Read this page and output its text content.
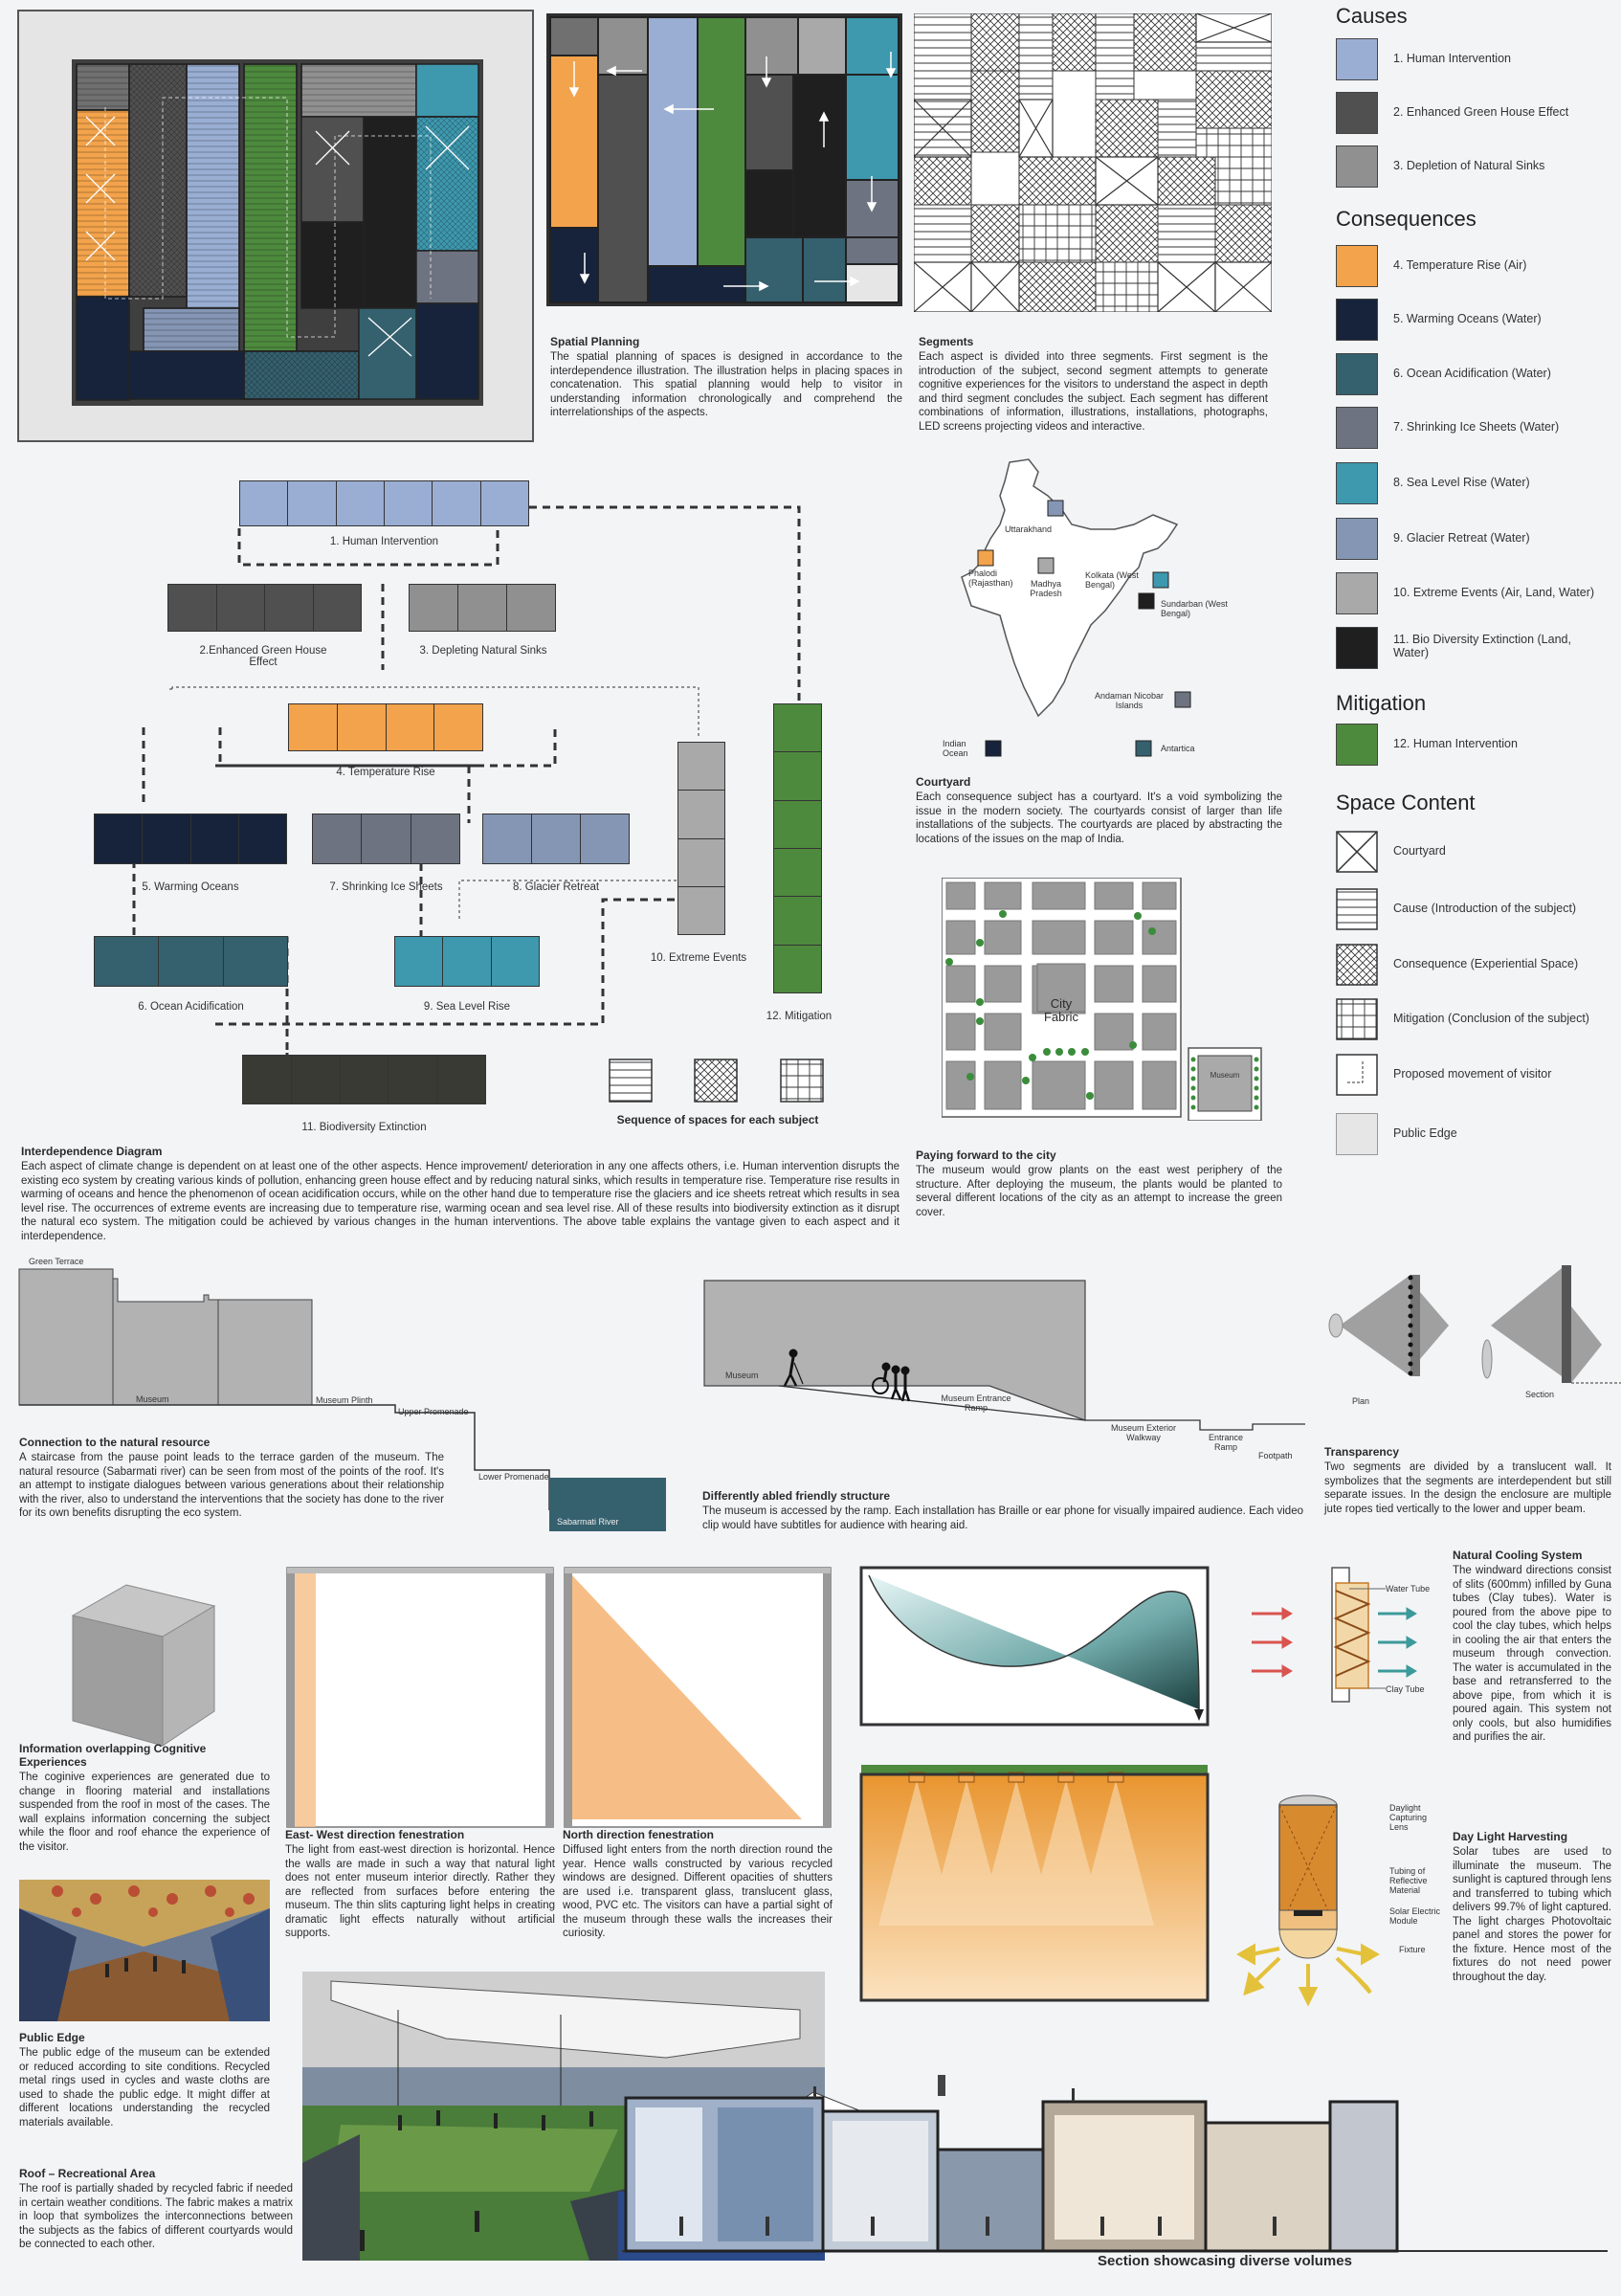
Spatial Planning

The spatial planning of spaces is designed in accordance to the interdependence illustration. The illustration helps in placing spaces in concatenation. This spatial planning would help to visitor in understanding information chronologically and comprehend the interrelationships of the aspects.

Segments

Each aspect is divided into three segments. First segment is the introduction of the subject, second segment attempts to generate cognitive experiences for the visitors to understand the aspect in depth and third segment concludes the subject. Each segment has different combinations of information, illustrations, installations, photographs, LED screens projecting videos and interactive.

Causes
1. Human Intervention
2. Enhanced Green House Effect
3. Depletion of Natural Sinks
Consequences
4. Temperature Rise (Air)
5. Warming Oceans (Water)
6. Ocean Acidification (Water)
7. Shrinking Ice Sheets (Water)
8. Sea Level Rise (Water)
9. Glacier Retreat (Water)
10. Extreme Events (Air, Land, Water)
11. Bio Diversity Extinction (Land, Water)
Mitigation
12. Human Intervention
Space Content
Courtyard
Cause (Introduction of the subject)
Consequence (Experiential Space)
Mitigation (Conclusion of the subject)
Proposed movement of visitor
Public Edge
1. Human Intervention
2.Enhanced Green House Effect
3. Depleting Natural Sinks
4. Temperature Rise
5. Warming Oceans	7. Shrinking Ice Sheets	8. Glacier Retreat
10. Extreme Events
12. Mitigation
6. Ocean Acidification	9. Sea Level Rise
11. Biodiversity Extinction
Sequence of spaces for each subject
Interdependence Diagram

Each aspect of climate change is dependent on at least one of the other aspects. Hence improvement/ deterioration in any one affects others, i.e. Human intervention disrupts the existing eco system by creating various kinds of pollution, enhancing green house effect and by reducing natural sinks, which results in temperature rise. Temperature rise results in warming of oceans and hence the phenomenon of ocean acidification occurs, while on the other hand due to temperature rise the glaciers and ice sheets retreat which results in sea level rise. The occurrences of extreme events are increasing due to temperature rise, warming ocean and sea level rise. All of these results into biodiversity extinction as it disrupt the natural eco system. The mitigation could be achieved by various changes in the human interventions. The above table explains the vantage given to each aspect and it interdependence.

Uttarakhand
Phalodi (Rajasthan)	Madhya Pradesh
Kolkata (West Bengal)
Sundarban (West Bengal)
Andaman Nicobar Islands
Indian Ocean	Antartica
Courtyard

Each consequence subject has a courtyard. It's a void symbolizing the issue in the modern society. The courtyards consist of larger than life installations of the subjects. The courtyards are placed by abstracting the locations of the issues on the map of India.

City Fabric
Museum
Paying forward to the city

The museum would grow plants on the east west periphery of the structure. After deploying the museum, the plants would be planted to several different locations of the city as an attempt to increase the green cover.

Green Terrace
Museum	Museum Plinth
Upper Promenade
Lower Promenade
Sabarmati River
Connection to the natural resource

A staircase from the pause point leads to the terrace garden of the museum. The natural resource (Sabarmati river) can be seen from most of the points of the roof. It's an attempt to instigate dialogues between various generations about their relationship with the river, also to understand the interventions that the society has done to the river for its own benefits disrupting the eco system.

Museum
Museum Entrance Ramp
Museum Exterior Walkway	Entrance Ramp
Footpath
Differently abled friendly structure

The museum is accessed by the ramp. Each installation has Braille or ear phone for visually impaired audience. Each video clip would have subtitles for audience with hearing aid.

Plan
Section
Transparency

Two segments are divided by a translucent wall. It symbolizes that the segments are interdependent but still separate issues. In the design the enclosure are multiple jute ropes tied vertically to the lower and upper beam.

Information overlapping Cognitive Experiences

The coginive experiences are generated due to change in flooring material and installations suspended from the roof in most of the cases. The wall explains information concerning the subject while the floor and roof ehance the experience of the visitor.

Public Edge

The public edge of the museum can be extended or reduced according to site conditions. Recycled metal rings used in cycles and waste cloths are used to shade the public edge. It might differ at different locations understanding the recycled materials available.

Roof – Recreational Area

The roof is partially shaded by recycled fabric if needed in certain weather conditions. The fabric makes a matrix in loop that symbolizes the interconnections between the subjects as the fabics of different courtyards would be connected to each other.

East- West direction fenestration

The light from east-west direction is horizontal. Hence the walls are made in such a way that natural light does not enter museum interior directly. Rather they are reflected from surfaces before entering the museum. The thin slits capturing light helps in creating dramatic light effects naturally without artificial supports.

North direction fenestration

Diffused light enters from the north direction round the year. Hence walls constructed by various recycled windows are designed. Different opacities of shutters are used i.e. transparent glass, translucent glass, wood, PVC etc. The visitors can have a partial sight of the museum through these walls the increases their curiosity.

Water Tube
Clay Tube
Natural Cooling System

The windward directions consist of slits (600mm) infilled by Guna tubes (Clay tubes). Water is poured from the above pipe to cool the clay tubes, which helps in cooling the air that enters the museum through convection. The water is accumulated in the base and retransferred to the above pipe, from which it is poured again. This system not only cools, but also humidifies and purifies the air.

Daylight Capturing Lens
Tubing of Reflective Material
Solar Electric Module
Fixture
Day Light Harvesting

Solar tubes are used to illuminate the museum. The sunlight is captured through lens and transferred to tubing which delivers 99.7% of light captured. The light charges Photovoltaic panel and stores the power for the fixture. Hence most of the fixtures do not need power throughout the day.

Section showcasing diverse volumes
